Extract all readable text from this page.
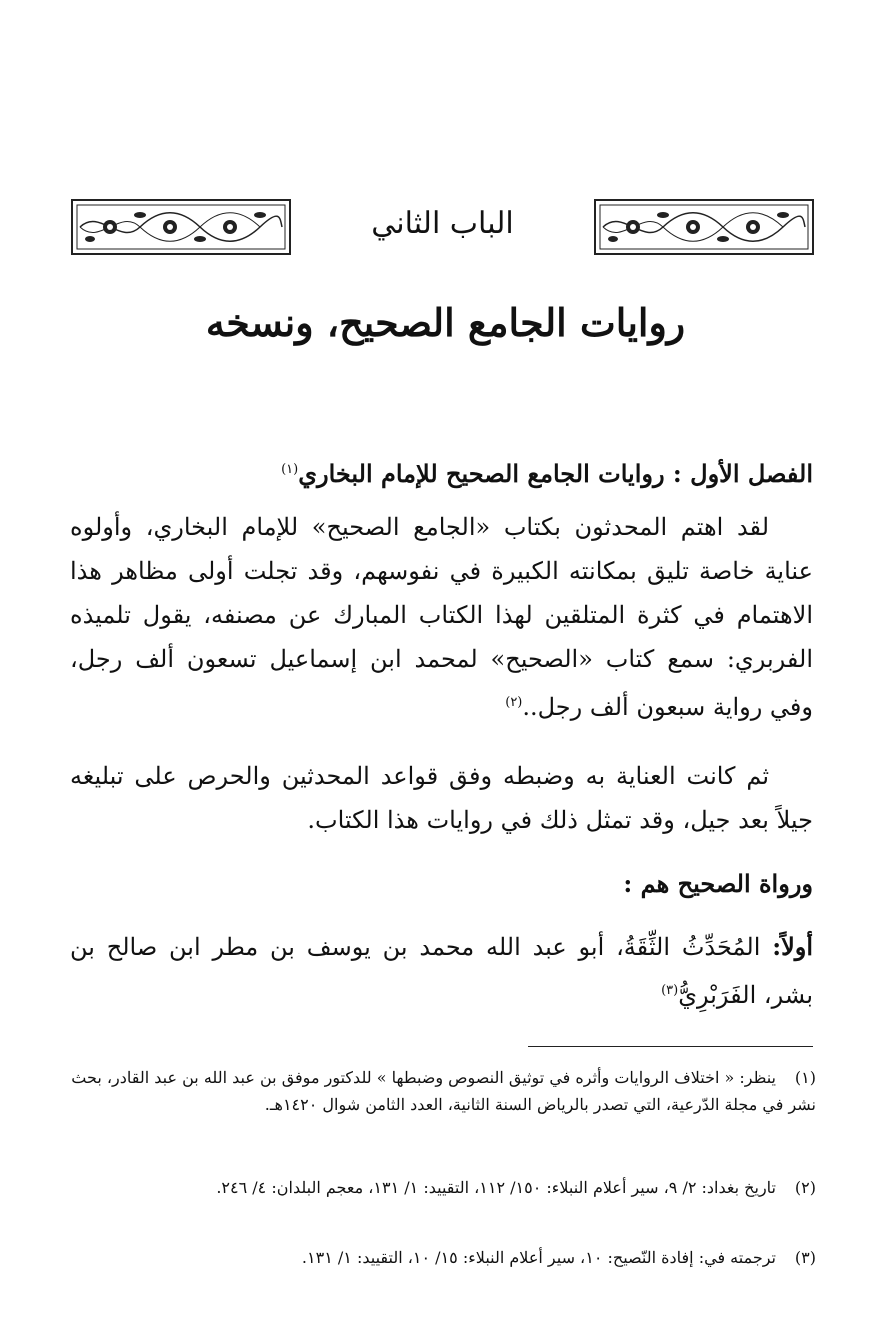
الباب الثاني
روايات الجامع الصحيح، ونسخه
الفصل الأول : روايات الجامع الصحيح للإمام البخاري$^{(١)}$
لقد اهتم المحدثون بكتاب «الجامع الصحيح» للإمام البخاري، وأولوه عناية خاصة تليق بمكانته الكبيرة في نفوسهم، وقد تجلت أولى مظاهر هذا الاهتمام في كثرة المتلقين لهذا الكتاب المبارك عن مصنفه، يقول تلميذه الفربري: سمع كتاب «الصحيح» لمحمد ابن إسماعيل تسعون ألف رجل، وفي رواية سبعون ألف رجل..$^{(٢)}$
ثم كانت العناية به وضبطه وفق قواعد المحدثين والحرص على تبليغه جيلاً بعد جيل، وقد تمثل ذلك في روايات هذا الكتاب.
ورواة الصحيح هم :
أولاً: المُحَدِّثُ الثِّقَةُ، أبو عبد الله محمد بن يوسف بن مطر ابن صالح بن بشر، الفَرَبْرِيُّ$^{(٣)}$
(١)ينظر: « اختلاف الروايات وأثره في توثيق النصوص وضبطها » للدكتور موفق بن عبد الله بن عبد القادر، بحث نشر في مجلة الدّرعية، التي تصدر بالرياض السنة الثانية، العدد الثامن شوال ١٤٢٠هـ.
(٢)تاريخ بغداد: ٢/ ٩، سير أعلام النبلاء: ١٥٠/ ١١٢، التقييد: ١/ ١٣١، معجم البلدان: ٤/ ٢٤٦.
(٣)ترجمته في: إفادة النّصيح: ١٠، سير أعلام النبلاء: ١٥/ ١٠، التقييد: ١/ ١٣١.
